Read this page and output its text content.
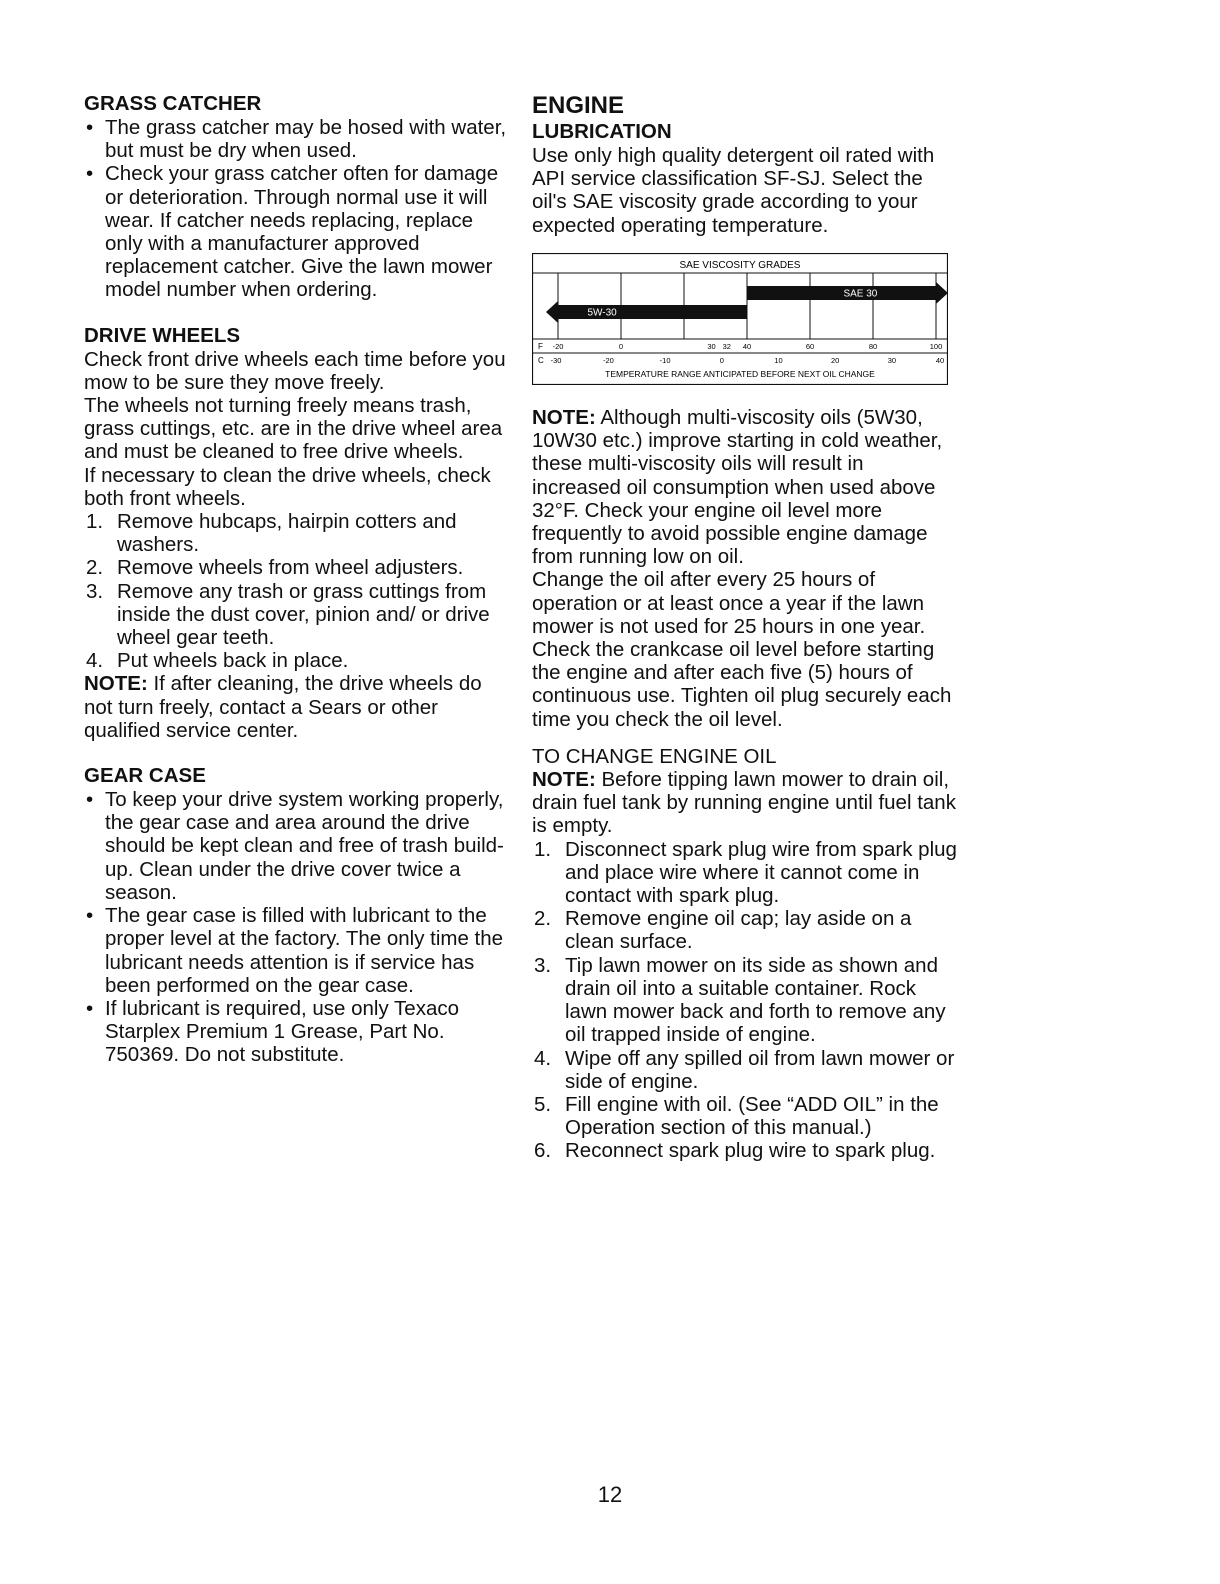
GRASS CATCHER
• The grass catcher may be hosed with water, but must be dry when used.
• Check your grass catcher often for damage or deterioration. Through normal use it will wear. If catcher needs replacing, replace only with a manufacturer approved replacement catcher. Give the lawn mower model number when ordering.
DRIVE WHEELS

Check front drive wheels each time before you mow to be sure they move freely.

The wheels not turning freely means trash, grass cuttings, etc. are in the drive wheel area and must be cleaned to free drive wheels.

If necessary to clean the drive wheels, check both front wheels.

1. Remove hubcaps, hairpin cotters and washers.
2. Remove wheels from wheel adjusters.
3. Remove any trash or grass cuttings from inside the dust cover, pinion and/ or drive wheel gear teeth.
4. Put wheels back in place.

NOTE: If after cleaning, the drive wheels do not turn freely, contact a Sears or other qualified service center.

GEAR CASE
• To keep your drive system working properly, the gear case and area around the drive should be kept clean and free of trash build-up. Clean under the drive cover twice a season.
• The gear case is filled with lubricant to the proper level at the factory. The only time the lubricant needs attention is if service has been performed on the gear case.
• If lubricant is required, use only Texaco Starplex Premium 1 Grease, Part No. 750369. Do not substitute.
ENGINE
LUBRICATION

Use only high quality detergent oil rated with API service classification SF-SJ. Select the oil's SAE viscosity grade according to your expected operating temperature.

SAE VISCOSITY GRADES
5W-30
SAE 30
F -20	0	30 32 40	60	80	100
C -30	-20	-10	0	10	20	30	40
TEMPERATURE RANGE ANTICIPATED BEFORE NEXT OIL CHANGE

NOTE: Although multi-viscosity oils (5W30, 10W30 etc.) improve starting in cold weather, these multi-viscosity oils will result in increased oil consumption when used above 32°F. Check your engine oil level more frequently to avoid possible engine damage from running low on oil.

Change the oil after every 25 hours of operation or at least once a year if the lawn mower is not used for 25 hours in one year.

Check the crankcase oil level before starting the engine and after each five (5) hours of continuous use. Tighten oil plug securely each time you check the oil level.

TO CHANGE ENGINE OIL

NOTE: Before tipping lawn mower to drain oil, drain fuel tank by running engine until fuel tank is empty.

1. Disconnect spark plug wire from spark plug and place wire where it cannot come in contact with spark plug.
2. Remove engine oil cap; lay aside on a clean surface.
3. Tip lawn mower on its side as shown and drain oil into a suitable container. Rock lawn mower back and forth to remove any oil trapped inside of engine.
4. Wipe off any spilled oil from lawn mower or side of engine.
5. Fill engine with oil. (See “ADD OIL” in the Operation section of this manual.)
6. Reconnect spark plug wire to spark plug.
12
